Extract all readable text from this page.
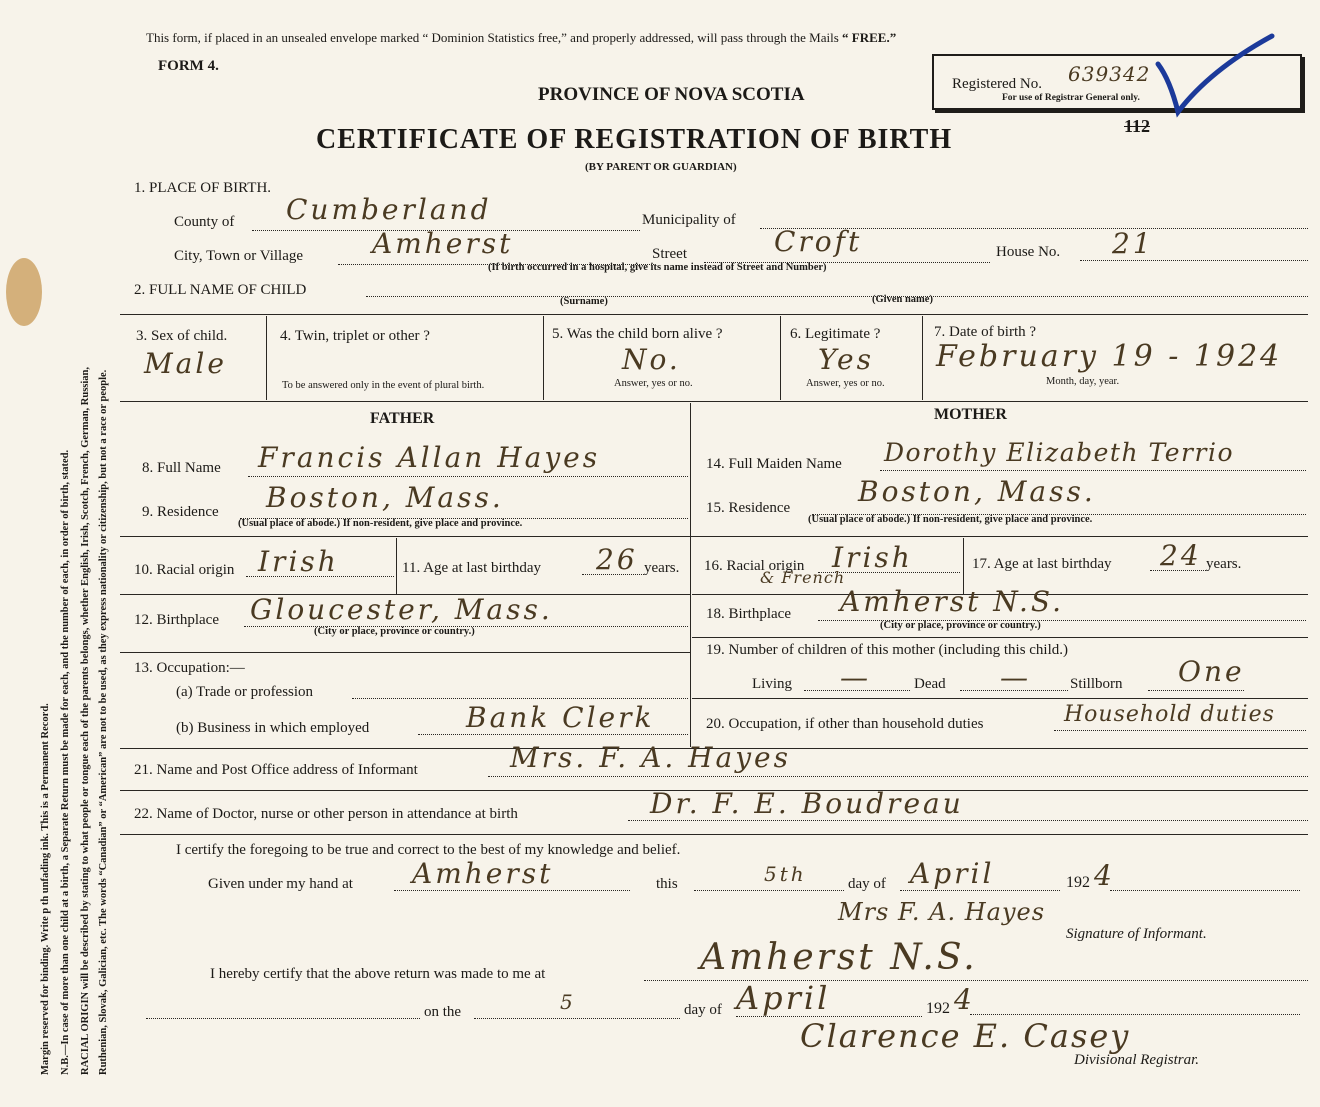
Margin reserved for binding. Write p th unfading ink. This is a Permanent Record. N.B.—In case of more than one child at a birth, a Separate Return must be made for each, and the number of each, in order of birth, stated. RACIAL ORIGIN will be described by stating to what people or tongue each of the parents belongs, whether English, Irish, Scotch, French, German, Russian, Ruthenian, Slovak, Galician, etc. The words “Canadian” or “American” are not to be used, as they express nationality or citizenship, but not a race or people.
This form, if placed in an unsealed envelope marked “ Dominion Statistics free,” and properly addressed, will pass through the Mails “ FREE.”
FORM 4.
PROVINCE OF NOVA SCOTIA
CERTIFICATE OF REGISTRATION OF BIRTH
(BY PARENT OR GUARDIAN)
Registered No. 639342
For use of Registrar General only.
112
1. PLACE OF BIRTH.
County of Cumberland	Municipality of
City, Town or Village Amherst	Street	Croft	House No. 21
(If birth occurred in a hospital, give its name instead of Street and Number)
2. FULL NAME OF CHILD
(Surname)	(Given name)
3. Sex of child.
Male
4. Twin, triplet or other ?
To be answered only in the event of plural birth.
5. Was the child born alive ?
No.
Answer, yes or no.
6. Legitimate ?
Yes
Answer, yes or no.
7. Date of birth ?
February 19 - 1924
Month, day, year.
FATHER	MOTHER
8. Full Name Francis Allan Hayes
9. Residence Boston, Mass.
(Usual place of abode.) If non-resident, give place and province.
10. Racial origin Irish	11. Age at last birthday 26 years.
12. Birthplace Gloucester, Mass.
(City or place, province or country.)
13. Occupation:—
(a) Trade or profession
(b) Business in which employed	Bank Clerk
14. Full Maiden Name Dorothy Elizabeth Terrio
15. Residence Boston, Mass.
(Usual place of abode.) If non-resident, give place and province.
16. Racial origin Irish
& French
17. Age at last birthday 24 years.
18. Birthplace Amherst N.S.
(City or place, province or country.)
19. Number of children of this mother (including this child.)
Living —	Dead —	Stillborn One
20. Occupation, if other than household duties	Household duties
21. Name and Post Office address of Informant	Mrs. F. A. Hayes
22. Name of Doctor, nurse or other person in attendance at birth	Dr. F. E. Boudreau
I certify the foregoing to be true and correct to the best of my knowledge and belief.
Given under my hand at Amherst	this	5th	day of April	192 4
Mrs F. A. Hayes
Signature of Informant.
I hereby certify that the above return was made to me at	Amherst N.S.
on the	5	day of April	192 4
Clarence E. Casey
Divisional Registrar.
